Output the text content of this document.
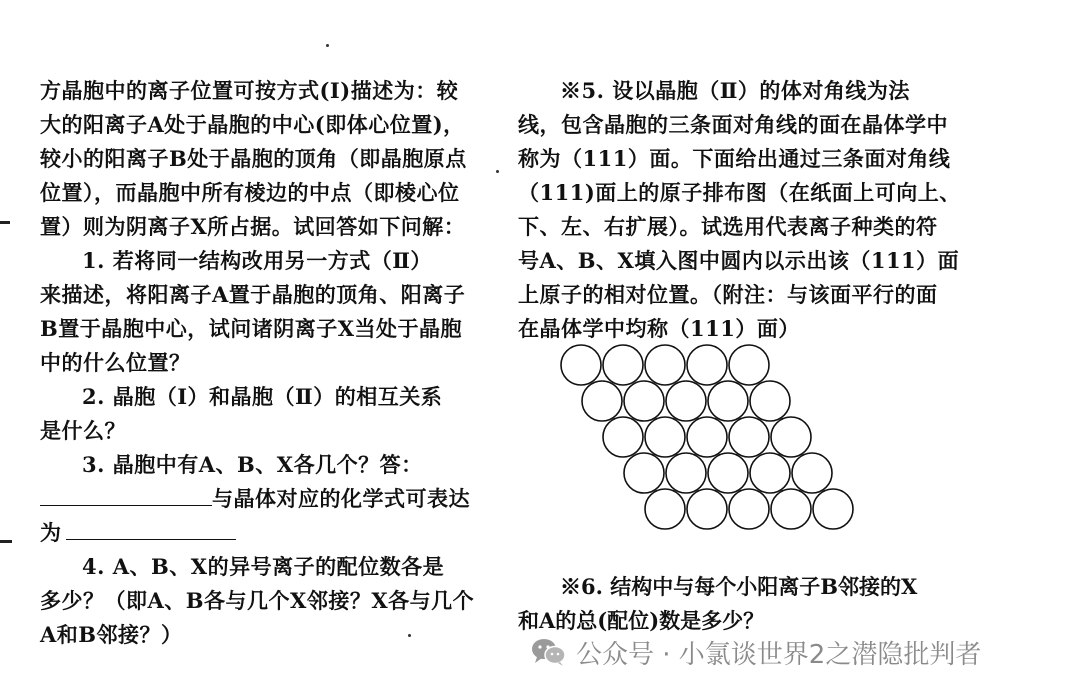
方晶胞中的离子位置可按方式(Ⅰ)描述为：较
大的阳离子A处于晶胞的中心(即体心位置)，
较小的阳离子B处于晶胞的顶角（即晶胞原点
位置），而晶胞中所有棱边的中点（即棱心位
置）则为阴离子X所占据。试回答如下问解：
1. 若将同一结构改用另一方式（Ⅱ）
来描述，将阳离子A置于晶胞的顶角、阳离子
B置于晶胞中心，试问诸阴离子X当处于晶胞
中的什么位置？
2. 晶胞（Ⅰ）和晶胞（Ⅱ）的相互关系
是什么？
3. 晶胞中有A、B、X各几个？答：
与晶体对应的化学式可表达
为
4. A、B、X的异号离子的配位数各是
多少？（即A、B各与几个X邻接？X各与几个
A和B邻接？）
※5. 设以晶胞（Ⅱ）的体对角线为法
线，包含晶胞的三条面对角线的面在晶体学中
称为（111）面。下面给出通过三条面对角线
（111)面上的原子排布图（在纸面上可向上、
下、左、右扩展）。试选用代表离子种类的符
号A、B、X填入图中圆内以示出该（111）面
上原子的相对位置。（附注：与该面平行的面
在晶体学中均称（111）面）
※6. 结构中与每个小阳离子B邻接的X
和A的总(配位)数是多少？
公众号 · 小氯谈世界2之潜隐批判者
